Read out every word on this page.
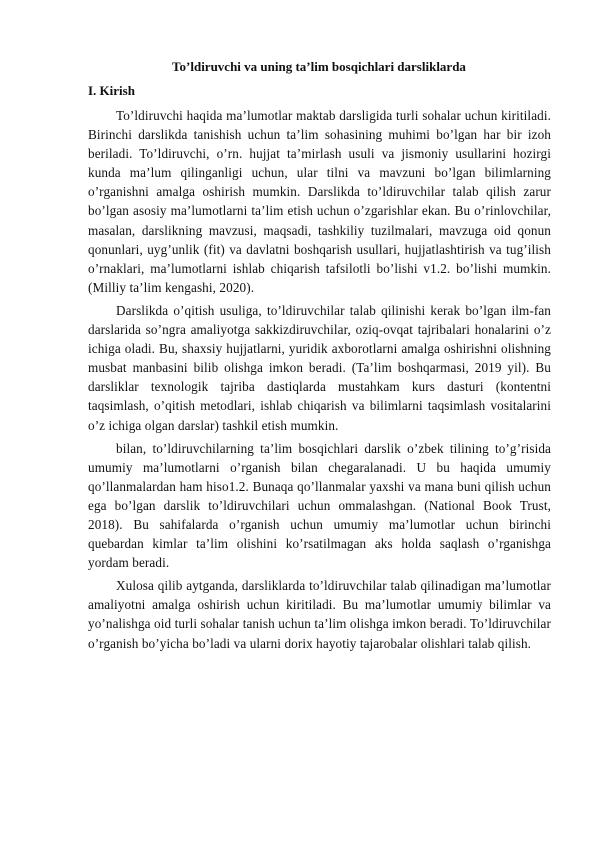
To’ldiruvchi va uning ta’lim bosqichlari darsliklarda
I. Kirish

To’ldiruvchi haqida ma’lumotlar maktab darsligida turli sohalar uchun kiritiladi. Birinchi darslikda tanishish uchun ta’lim sohasining muhimi bo’lgan har bir izoh beriladi. To’ldiruvchi, o’rn. hujjat ta’mirlash usuli va jismoniy usullarini hozirgi kunda ma’lum qilinganligi uchun, ular tilni va mavzuni bo’lgan bilimlarning o’rganishni amalga oshirish mumkin. Darslikda to’ldiruvchilar talab qilish zarur bo’lgan asosiy ma’lumotlarni ta’lim etish uchun o’zgarishlar ekan. Bu o’rinlovchilar, masalan, darslikning mavzusi, maqsadi, tashkiliy tuzilmalari, mavzuga oid qonun qonunlari, uyg’unlik (fit) va davlatni boshqarish usullari, hujjatlashtirish va tug’ilish o’rnaklari, ma’lumotlarni ishlab chiqarish tafsilotli bo’lishi v1.2. bo’lishi mumkin. (Milliy ta’lim kengashi, 2020).

Darslikda o’qitish usuliga, to’ldiruvchilar talab qilinishi kerak bo’lgan ilm-fan darslarida so’ngra amaliyotga sakkizdiruvchilar, oziq-ovqat tajribalari honalarini o’z ichiga oladi. Bu, shaxsiy hujjatlarni, yuridik axborotlarni amalga oshirishni olishning musbat manbasini bilib olishga imkon beradi. (Ta’lim boshqarmasi, 2019 yil). Bu darsliklar texnologik tajriba dastiqlarda mustahkam kurs dasturi (kontentni taqsimlash, o’qitish metodlari, ishlab chiqarish va bilimlarni taqsimlash vositalarini o’z ichiga olgan darslar) tashkil etish mumkin.

bilan, to’ldiruvchilarning ta’lim bosqichlari darslik o’zbek tilining to’g’risida umumiy ma’lumotlarni o’rganish bilan chegaralanadi. U bu haqida umumiy qo’llanmalardan ham hiso1.2. Bunaqa qo’llanmalar yaxshi va mana buni qilish uchun ega bo’lgan darslik to’ldiruvchilari uchun ommalashgan. (National Book Trust, 2018). Bu sahifalarda o’rganish uchun umumiy ma’lumotlar uchun birinchi quebardan kimlar ta’lim olishini ko’rsatilmagan aks holda saqlash o’rganishga yordam beradi.

Xulosa qilib aytganda, darsliklarda to’ldiruvchilar talab qilinadigan ma’lumotlar amaliyotni amalga oshirish uchun kiritiladi. Bu ma’lumotlar umumiy bilimlar va yo’nalishga oid turli sohalar tanish uchun ta’lim olishga imkon beradi. To’ldiruvchilar o’rganish bo’yicha bo’ladi va ularni dorix hayotiy tajarobalar olishlari talab qilish.
